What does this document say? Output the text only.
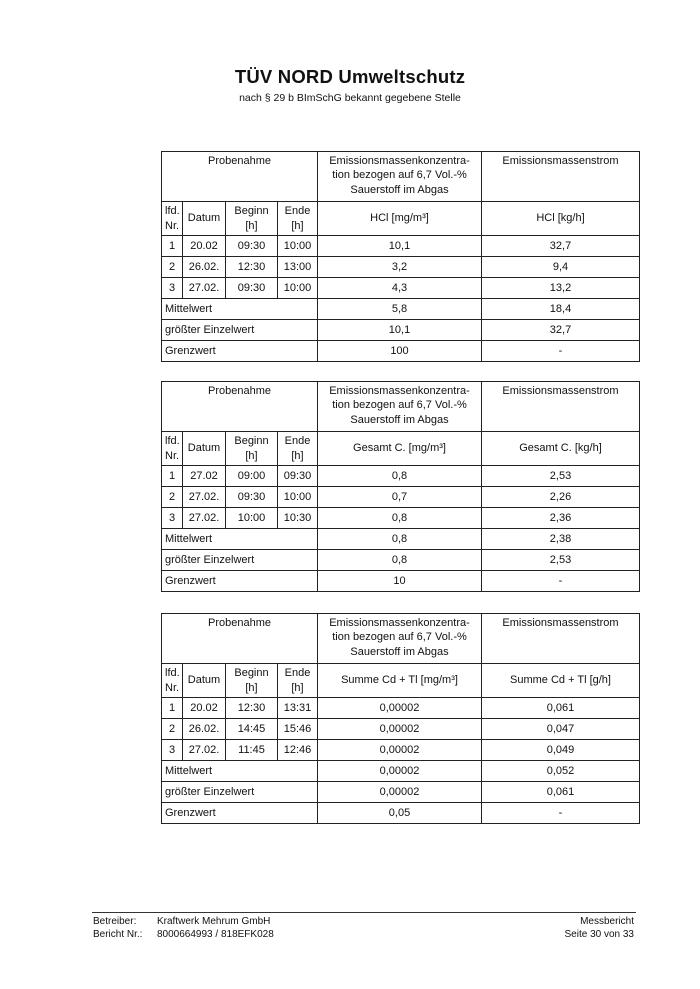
TÜV NORD Umweltschutz
nach § 29 b BImSchG bekannt gegebene Stelle
Probenahme				Emissionsmassenkonzentra-tion bezogen auf 6,7 Vol.-% Sauerstoff im Abgas	Emissionsmassenstrom
lfd. Nr.	Datum	Beginn [h]	Ende [h]	HCl [mg/m³]	HCl [kg/h]
1	20.02	09:30	10:00	10,1	32,7
2	26.02.	12:30	13:00	3,2	9,4
3	27.02.	09:30	10:00	4,3	13,2
Mittelwert				5,8	18,4
größter Einzelwert				10,1	32,7
Grenzwert				100	-
Probenahme				Emissionsmassenkonzentra-tion bezogen auf 6,7 Vol.-% Sauerstoff im Abgas	Emissionsmassenstrom
lfd. Nr.	Datum	Beginn [h]	Ende [h]	Gesamt C. [mg/m³]	Gesamt C. [kg/h]
1	27.02	09:00	09:30	0,8	2,53
2	27.02.	09:30	10:00	0,7	2,26
3	27.02.	10:00	10:30	0,8	2,36
Mittelwert				0,8	2,38
größter Einzelwert				0,8	2,53
Grenzwert				10	-
Probenahme				Emissionsmassenkonzentra-tion bezogen auf 6,7 Vol.-% Sauerstoff im Abgas	Emissionsmassenstrom
lfd. Nr.	Datum	Beginn [h]	Ende [h]	Summe Cd + Tl [mg/m³]	Summe Cd + Tl [g/h]
1	20.02	12:30	13:31	0,00002	0,061
2	26.02.	14:45	15:46	0,00002	0,047
3	27.02.	11:45	12:46	0,00002	0,049
Mittelwert				0,00002	0,052
größter Einzelwert				0,00002	0,061
Grenzwert				0,05	-
Betreiber: Kraftwerk Mehrum GmbH
Bericht Nr.: 8000664993 / 818EFK028
Messbericht
Seite 30 von 33
